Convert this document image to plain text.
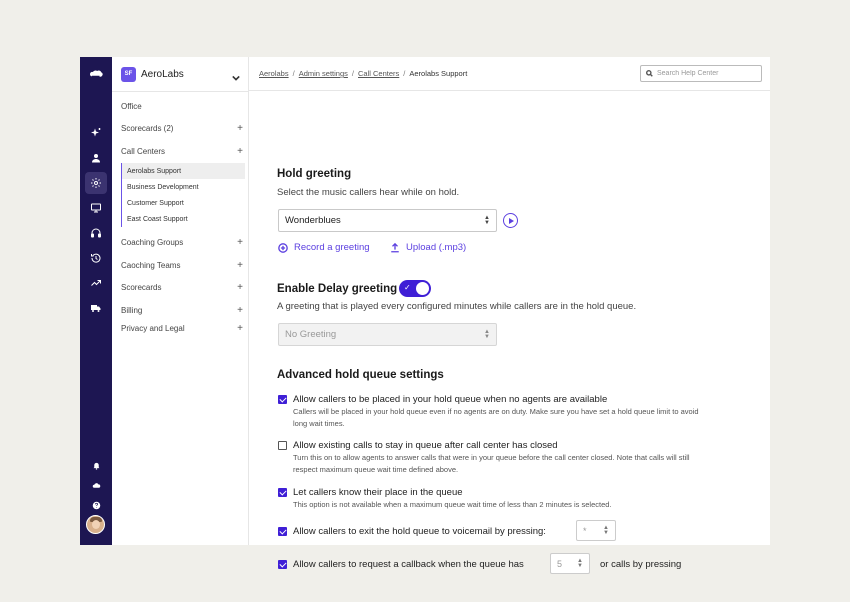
SF AeroLabs
Office
Scorecards (2)	+
Call Centers	+
Aerolabs Support
Business Development
Customer Support
East Coast Support
Coaching Groups	+
Caoching Teams	+
Scorecards	+
Billing	+
Privacy and Legal	+
Aerolabs / Admin settings / Call Centers / Aerolabs Support
Search Help Center
Hold greeting
Select the music callers hear while on hold.
Wonderblues	▲
▼
Record a greeting	Upload (.mp3)
Enable Delay greeting ✓
A greeting that is played every configured minutes while callers are in the hold queue.
No Greeting	▲
▼
Advanced hold queue settings
Allow callers to be placed in your hold queue when no agents are available
Callers will be placed in your hold queue even if no agents are on duty. Make sure you have set a hold queue limit to avoid long wait times.
Allow existing calls to stay in queue after call center has closed
Turn this on to allow agents to answer calls that were in your queue before the call center closed. Note that calls will still respect maximum queue wait time defined above.
Let callers know their place in the queue
This option is not available when a maximum queue wait time of less than 2 minutes is selected.
Allow callers to exit the hold queue to voicemail by pressing:	*	▲
▼
Allow callers to request a callback when the queue has	5	▲
▼ or calls by pressing
